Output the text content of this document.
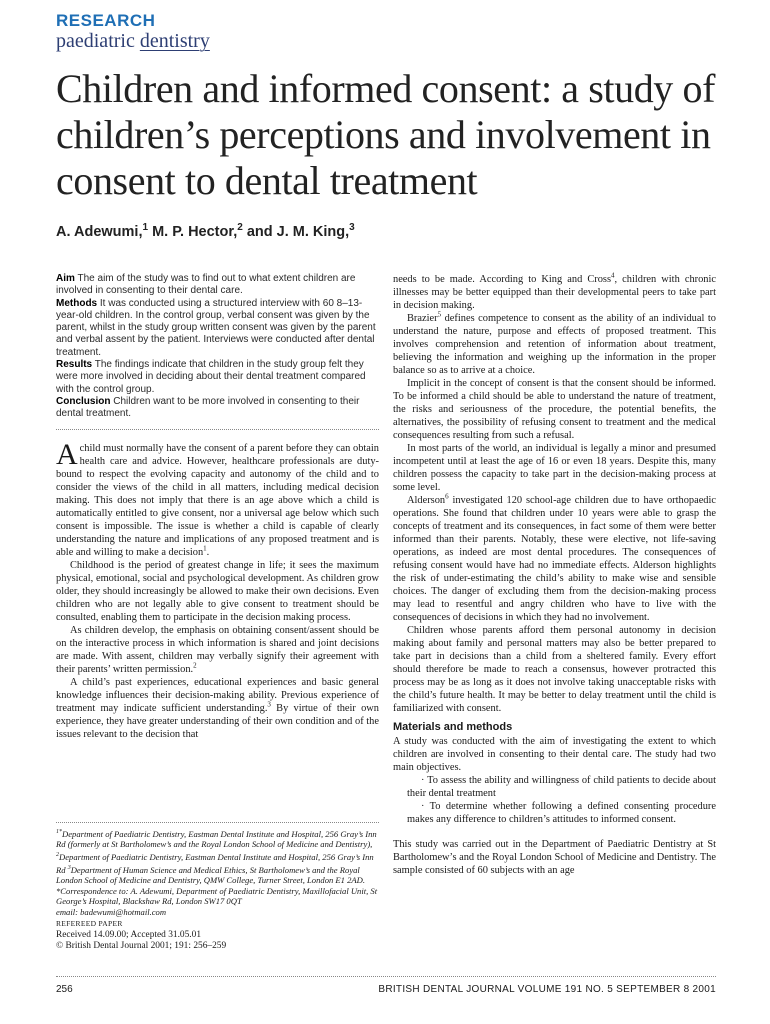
RESEARCH
paediatric dentistry
Children and informed consent: a study of children’s perceptions and involvement in consent to dental treatment
A. Adewumi,$^1$ M. P. Hector,$^2$ and J. M. King,$^3$

Aim The aim of the study was to find out to what extent children are involved in consenting to their dental care.

Methods It was conducted using a structured interview with 60 8–13-year-old children. In the control group, verbal consent was given by the parent, whilst in the study group written consent was given by the parent and verbal assent by the patient. Interviews were conducted after dental treatment.

Results The findings indicate that children in the study group felt they were more involved in deciding about their dental treatment compared with the control group.

Conclusion Children want to be more involved in consenting to their dental treatment.

A child must normally have the consent of a parent before they can obtain health care and advice. However, healthcare professionals are duty-bound to respect the evolving capacity and autonomy of the child and to consider the views of the child in all matters, including medical decision making. This does not imply that there is an age above which a child is automatically entitled to give consent, nor a universal age below which such consent is impossible. The issue is whether a child is capable of clearly understanding the nature and implications of any proposed treatment and is able and willing to make a decision$^1$.

Childhood is the period of greatest change in life; it sees the maximum physical, emotional, social and psychological development. As children grow older, they should increasingly be allowed to make their own decisions. Even children who are not legally able to give consent to treatment should be consulted, enabling them to participate in the decision making process.

As children develop, the emphasis on obtaining consent/assent should be on the interactive process in which information is shared and joint decisions are made. With assent, children may verbally signify their agreement with their parents’ written permission.$^2$

A child’s past experiences, educational experiences and basic general knowledge influences their decision-making ability. Previous experience of treatment may indicate sufficient understanding.$^3$ By virtue of their own experience, they have greater understanding of their own condition and of the issues relevant to the decision that

$^{1*}$Department of Paediatric Dentistry, Eastman Dental Institute and Hospital, 256 Gray’s Inn Rd (formerly at St Bartholomew’s and the Royal London School of Medicine and Dentistry), $^2$Department of Paediatric Dentistry, Eastman Dental Institute and Hospital, 256 Gray’s Inn Rd $^3$Department of Human Science and Medical Ethics, St Bartholomew’s and the Royal London School of Medicine and Dentistry, QMW College, Turner Street, London E1 2AD.
*Correspondence to: A. Adewumi, Department of Paediatric Dentistry, Maxillofacial Unit, St George’s Hospital, Blackshaw Rd, London SW17 0QT
email: badewumi@hotmail.com
REFEREED PAPER
Received 14.09.00; Accepted 31.05.01
© British Dental Journal 2001; 191: 256–259

needs to be made. According to King and Cross$^4$, children with chronic illnesses may be better equipped than their developmental peers to take part in decision making.

Brazier$^5$ defines competence to consent as the ability of an individual to understand the nature, purpose and effects of proposed treatment. This involves comprehension and retention of information about treatment, believing the information and weighing up the information in the proper balance so as to arrive at a choice.

Implicit in the concept of consent is that the consent should be informed. To be informed a child should be able to understand the nature of treatment, the risks and seriousness of the procedure, the potential benefits, the alternatives, the possibility of refusing consent to treatment and the medical consequences resulting from such a refusal.

In most parts of the world, an individual is legally a minor and presumed incompetent until at least the age of 16 or even 18 years. Despite this, many children possess the capacity to take part in the decision-making process at some level.

Alderson$^6$ investigated 120 school-age children due to have orthopaedic operations. She found that children under 10 years were able to grasp the concepts of treatment and its consequences, in fact some of them were better informed than their parents. Notably, these were elective, not life-saving operations, as indeed are most dental procedures. The consequences of refusing consent would have had no immediate effects. Alderson highlights the risk of under-estimating the child’s ability to make wise and sensible choices. The danger of excluding them from the decision-making process may lead to resentful and angry children who have to live with the consequences of decisions in which they had no involvement.

Children whose parents afford them personal autonomy in decision making about family and personal matters may also be better prepared to take part in decisions than a child from a sheltered family. Every effort should therefore be made to reach a consensus, however protracted this process may be as long as it does not involve taking unacceptable risks with the child’s future health. It may be better to delay treatment until the child is familiarized with consent.

Materials and methods

A study was conducted with the aim of investigating the extent to which children are involved in consenting to their dental care. The study had two main objectives.

· To assess the ability and willingness of child patients to decide about their dental treatment

· To determine whether following a defined consenting procedure makes any difference to children’s attitudes to informed consent.

This study was carried out in the Department of Paediatric Dentistry at St Bartholomew’s and the Royal London School of Medicine and Dentistry. The sample consisted of 60 subjects with an age

256	BRITISH DENTAL JOURNAL VOLUME 191 NO. 5 SEPTEMBER 8 2001
